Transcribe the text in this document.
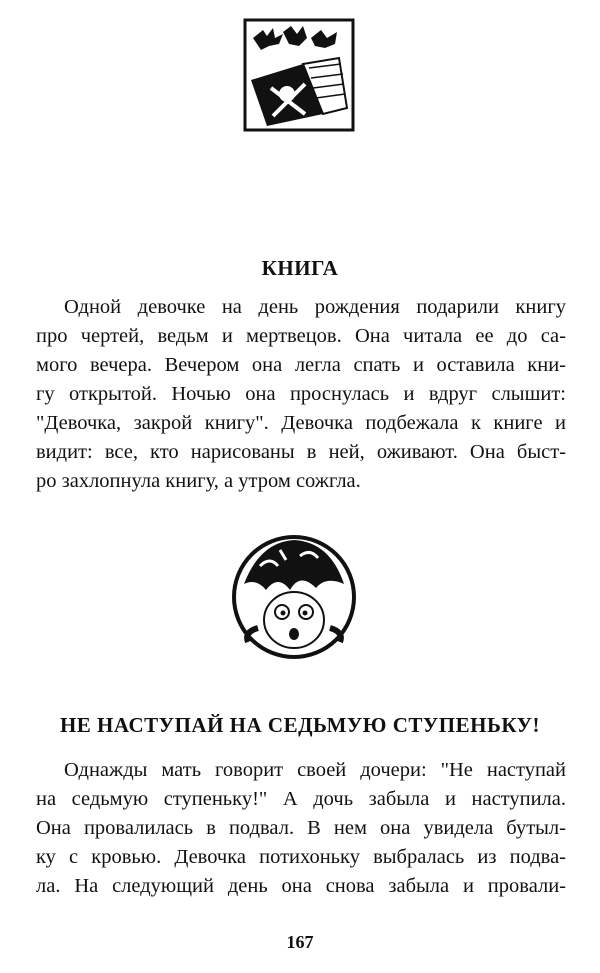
КНИГА
Одной девочке на день рождения подарили книгу
про чертей, ведьм и мертвецов. Она читала ее до са-
мого вечера. Вечером она легла спать и оставила кни-
гу открытой. Ночью она проснулась и вдруг слышит:
"Девочка, закрой книгу". Девочка подбежала к книге и
видит: все, кто нарисованы в ней, оживают. Она быст-
ро захлопнула книгу, а утром сожгла.
НЕ НАСТУПАЙ НА СЕДЬМУЮ СТУПЕНЬКУ!
Однажды мать говорит своей дочери: "Не наступай
на седьмую ступеньку!" А дочь забыла и наступила.
Она провалилась в подвал. В нем она увидела бутыл-
ку с кровью. Девочка потихоньку выбралась из подва-
ла. На следующий день она снова забыла и провали-
167
